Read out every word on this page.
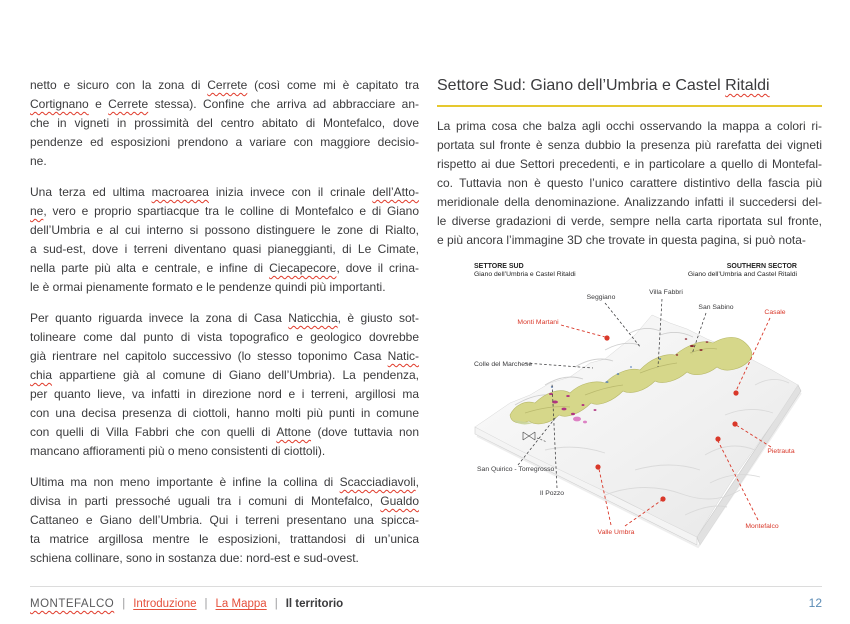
netto e sicuro con la zona di Cerrete (così come mi è capitato tra
Cortignano e Cerrete stessa). Confine che arriva ad abbracciare an-
che in vigneti in prossimità del centro abitato di Montefalco, dove
pendenze ed esposizioni prendono a variare con maggiore decisio-
ne.
Una terza ed ultima macroarea inizia invece con il crinale dell’Atto-
ne, vero e proprio spartiacque tra le colline di Montefalco e di Giano
dell’Umbria e al cui interno si possono distinguere le zone di Rialto,
a sud-est, dove i terreni diventano quasi pianeggianti, di Le Cimate,
nella parte più alta e centrale, e infine di Ciecapecore, dove il crina-
le è ormai pienamente formato e le pendenze quindi più importanti.
Per quanto riguarda invece la zona di Casa Naticchia, è giusto sot-
tolineare come dal punto di vista topografico e geologico dovrebbe
già rientrare nel capitolo successivo (lo stesso toponimo Casa Natic-
chia appartiene già al comune di Giano dell’Umbria). La pendenza,
per quanto lieve, va infatti in direzione nord e i terreni, argillosi ma
con una decisa presenza di ciottoli, hanno molti più punti in comune
con quelli di Villa Fabbri che con quelli di Attone (dove tuttavia non
mancano affioramenti più o meno consistenti di ciottoli).
Ultima ma non meno importante è infine la collina di Scacciadiavoli,
divisa in parti pressoché uguali tra i comuni di Montefalco, Gualdo
Cattaneo e Giano dell’Umbria. Qui i terreni presentano una spicca-
ta matrice argillosa mentre le esposizioni, trattandosi di un’unica
schiena collinare, sono in sostanza due: nord-est e sud-ovest.
Settore Sud: Giano dell’Umbria e Castel Ritaldi
La prima cosa che balza agli occhi osservando la mappa a colori ri-
portata sul fronte è senza dubbio la presenza più rarefatta dei vigneti
rispetto ai due Settori precedenti, e in particolare a quello di Montefal-
co. Tuttavia non è questo l’unico carattere distintivo della fascia più
meridionale della denominazione. Analizzando infatti il succedersi del-
le diverse gradazioni di verde, sempre nella carta riportata sul fronte,
e più ancora l’immagine 3D che trovate in questa pagina, si può nota-
SETTORE SUD
Giano dell’Umbria e Castel Ritaldi
SOUTHERN SECTOR
Giano dell’Umbria and Castel Ritaldi
Seggiano
Villa Fabbri
San Sabino
Casale
Monti Martani
Colle del Marchese
San Quirico - Torregrosso
Il Pozzo
Valle Umbra
Pietrauta
Montefalco
MONTEFALCO | Introduzione | La Mappa | Il territorio	12
